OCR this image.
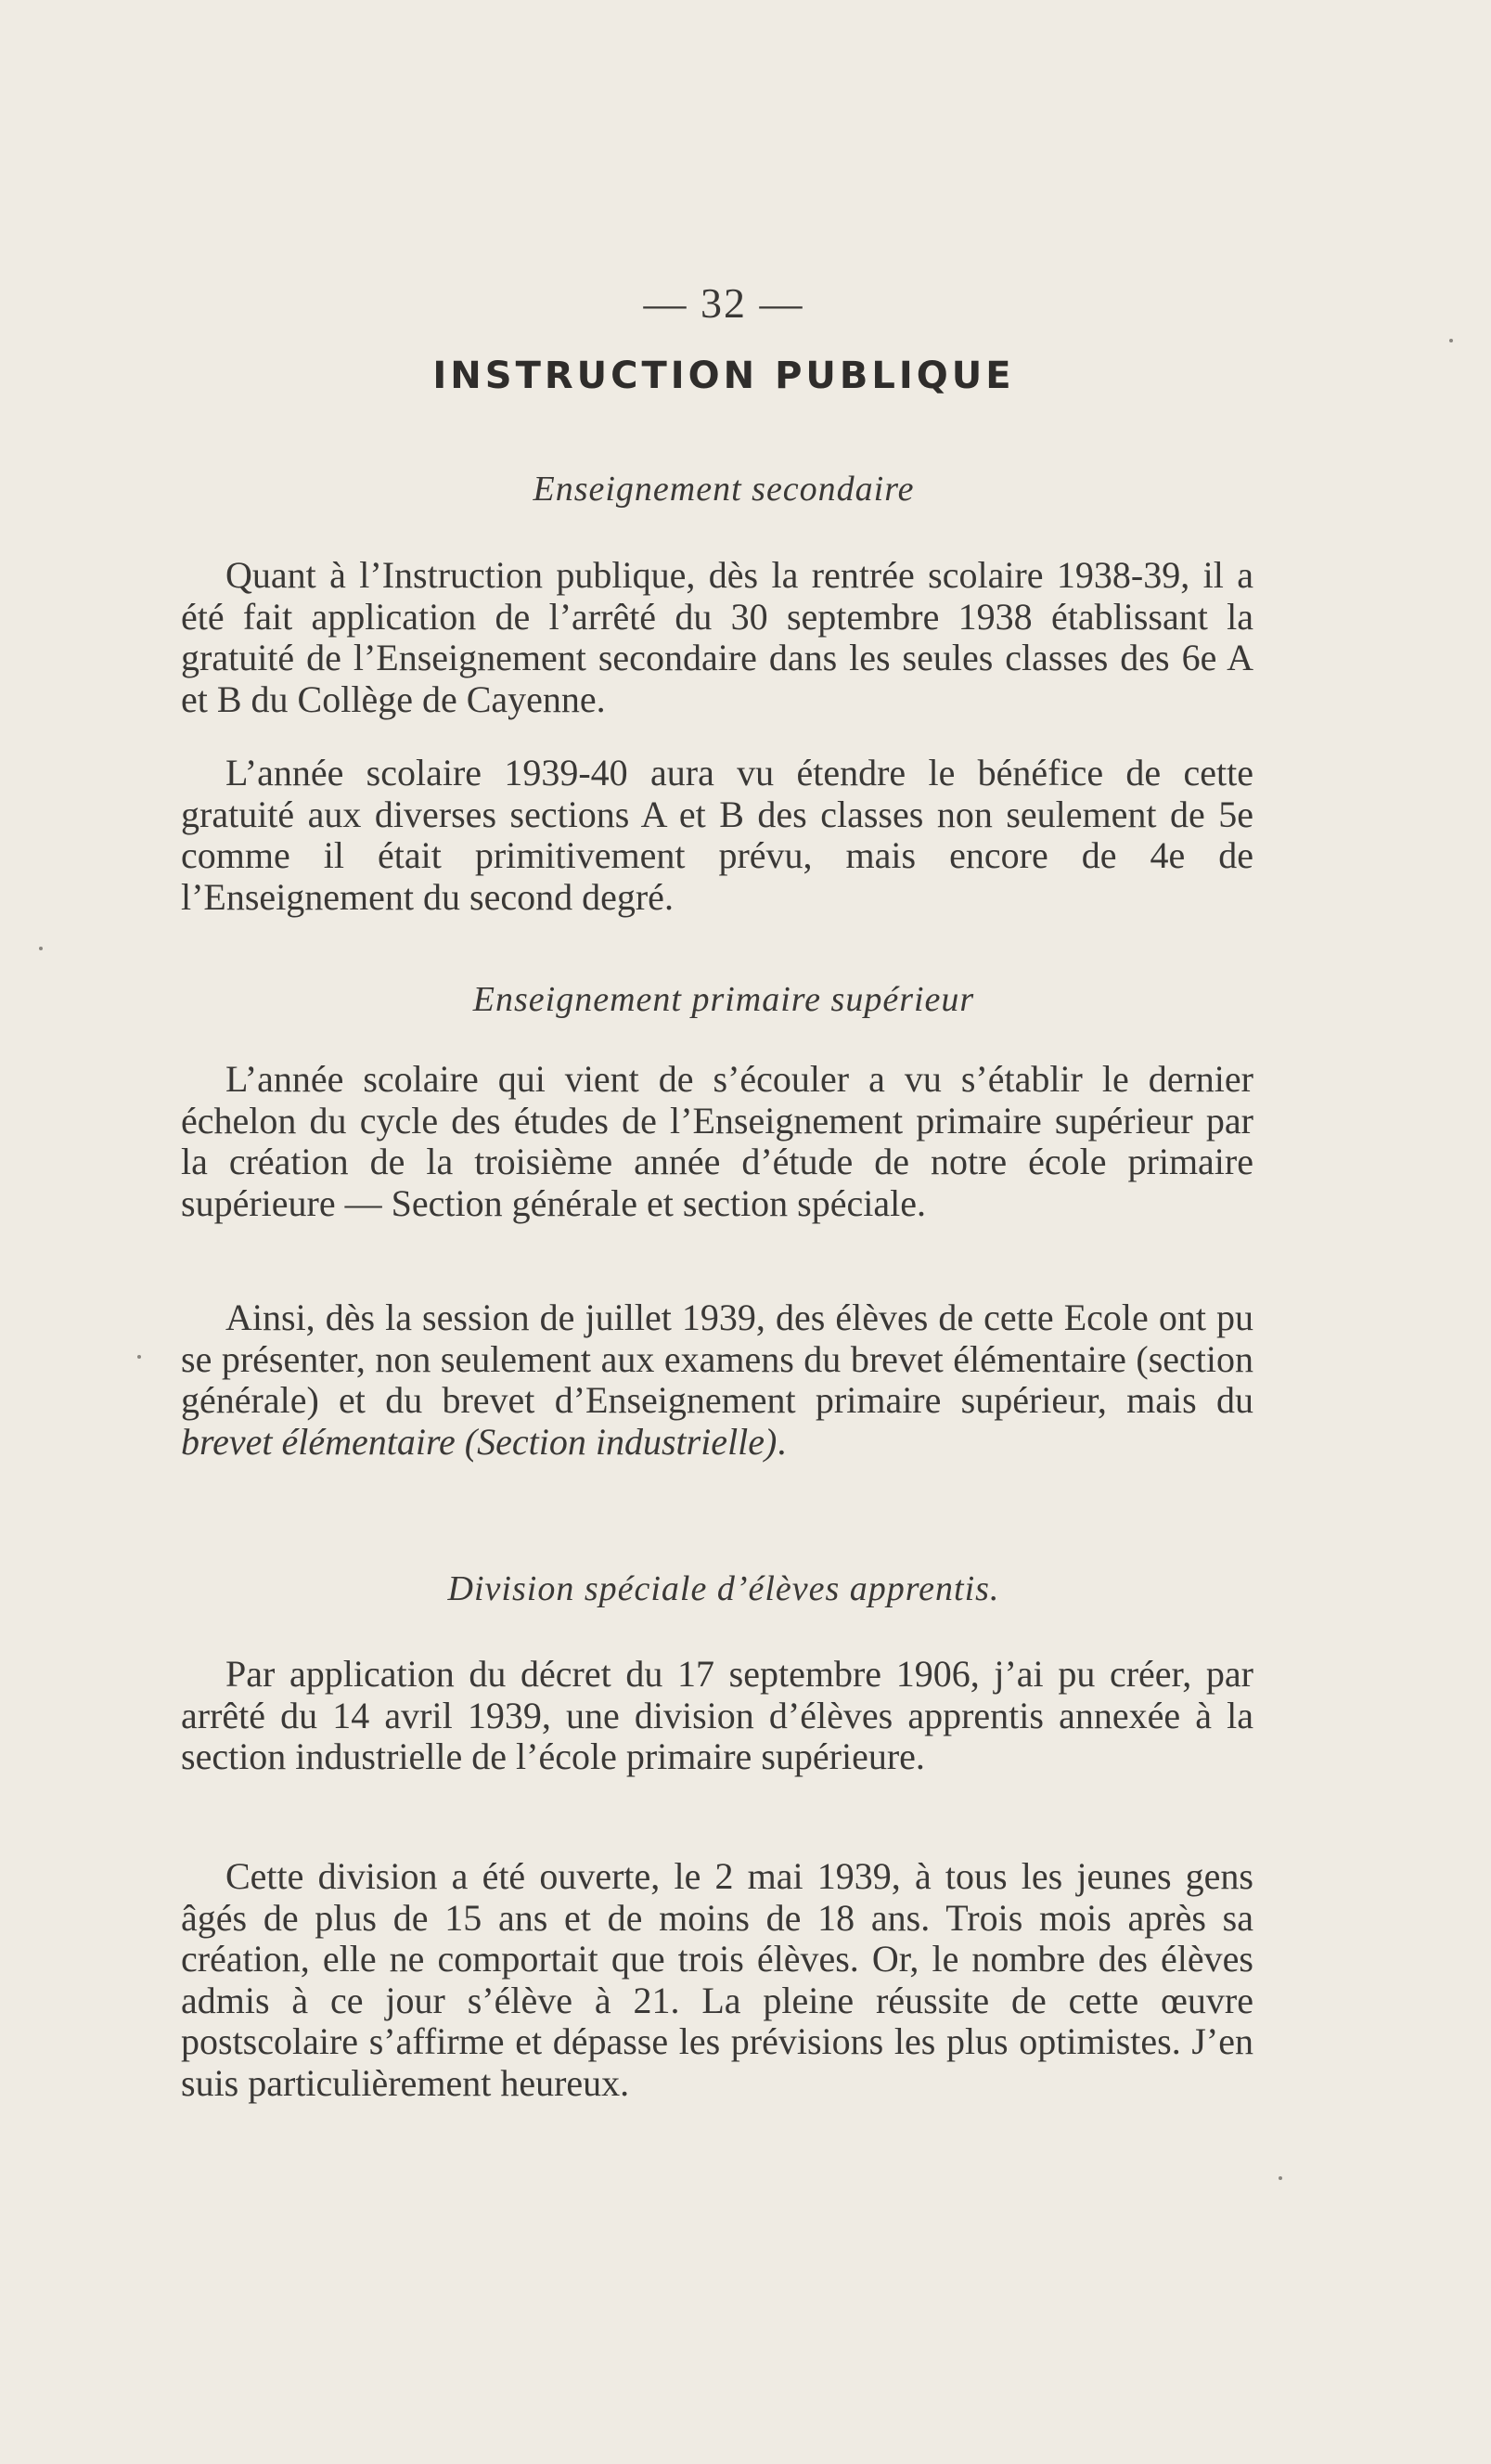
— 32 —
INSTRUCTION PUBLIQUE
Enseignement secondaire

Quant à l’Instruction publique, dès la rentrée scolaire 1938-39, il a été fait application de l’arrêté du 30 septembre 1938 établissant la gratuité de l’Enseignement secondaire dans les seules classes des 6e A et B du Collège de Cayenne.

L’année scolaire 1939-40 aura vu étendre le bénéfice de cette gratuité aux diverses sections A et B des classes non seulement de 5e comme il était primitivement prévu, mais encore de 4e de l’Enseignement du second degré.

Enseignement primaire supérieur

L’année scolaire qui vient de s’écouler a vu s’établir le dernier échelon du cycle des études de l’Enseignement primaire supérieur par la création de la troisième année d’étude de notre école primaire supérieure — Section générale et section spéciale.

Ainsi, dès la session de juillet 1939, des élèves de cette Ecole ont pu se présenter, non seulement aux examens du brevet élémentaire (section générale) et du brevet d’Enseignement primaire supérieur, mais du brevet élémentaire (Section industrielle).

Division spéciale d’élèves apprentis.

Par application du décret du 17 septembre 1906, j’ai pu créer, par arrêté du 14 avril 1939, une division d’élèves apprentis annexée à la section industrielle de l’école primaire supérieure.

Cette division a été ouverte, le 2 mai 1939, à tous les jeunes gens âgés de plus de 15 ans et de moins de 18 ans. Trois mois après sa création, elle ne comportait que trois élèves. Or, le nombre des élèves admis à ce jour s’élève à 21. La pleine réussite de cette œuvre postscolaire s’affirme et dépasse les prévisions les plus optimistes. J’en suis particulièrement heureux.
